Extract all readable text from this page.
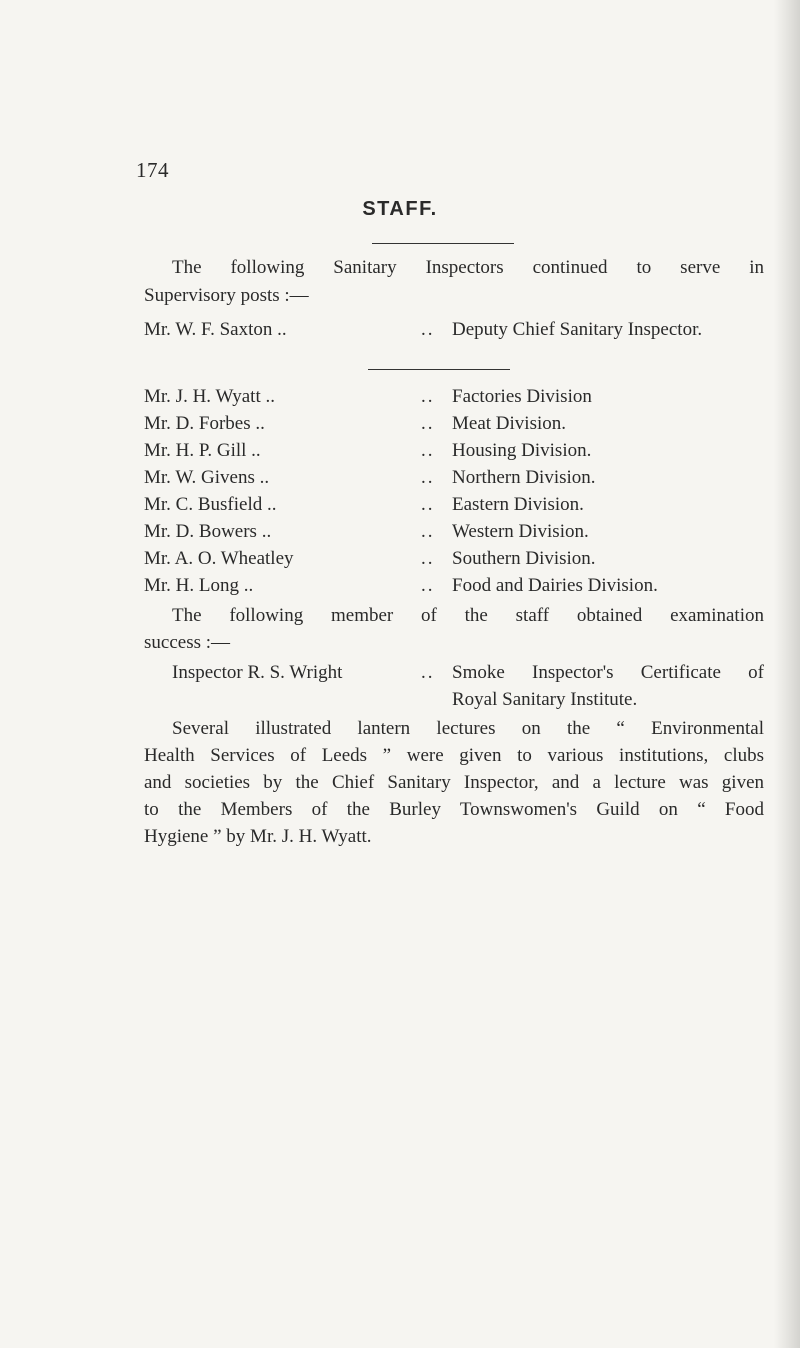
174
STAFF.
The following Sanitary Inspectors continued to serve in
Supervisory posts :—
Mr. W. F. Saxton ..	.. Deputy Chief Sanitary Inspector.
Mr. J. H. Wyatt ..	.. Factories Division
Mr. D. Forbes ..	.. Meat Division.
Mr. H. P. Gill ..	.. Housing Division.
Mr. W. Givens ..	.. Northern Division.
Mr. C. Busfield ..	.. Eastern Division.
Mr. D. Bowers ..	.. Western Division.
Mr. A. O. Wheatley	.. Southern Division.
Mr. H. Long ..	.. Food and Dairies Division.
The following member of the staff obtained examination
success :—
Inspector R. S. Wright	.. Smoke Inspector's Certificate of
Royal Sanitary Institute.
Several illustrated lantern lectures on the “ Environmental
Health Services of Leeds ” were given to various institutions, clubs
and societies by the Chief Sanitary Inspector, and a lecture was given
to the Members of the Burley Townswomen's Guild on “ Food
Hygiene ” by Mr. J. H. Wyatt.
